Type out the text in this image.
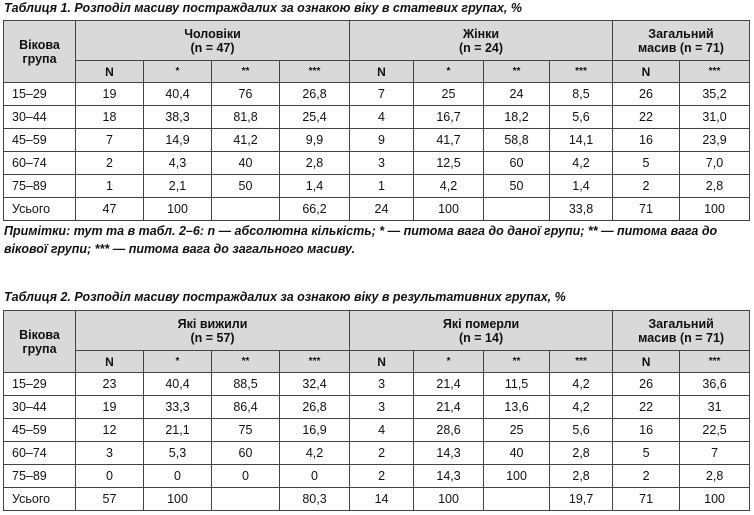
Таблиця 1. Розподіл масиву постраждалих за ознакою віку в статевих групах, %
Вікова
група	Чоловіки
(n = 47)				Жінки
(n = 24)				Загальний
масив (n = 71)	

	N	*	**	***	N	*	**	***	N	***
15–29	19	40,4	76	26,8	7	25	24	8,5	26	35,2
30–44	18	38,3	81,8	25,4	4	16,7	18,2	5,6	22	31,0
45–59	7	14,9	41,2	9,9	9	41,7	58,8	14,1	16	23,9
60–74	2	4,3	40	2,8	3	12,5	60	4,2	5	7,0
75–89	1	2,1	50	1,4	1	4,2	50	1,4	2	2,8
Усього	47	100		66,2	24	100		33,8	71	100
Примітки: тут та в табл. 2–6: n — абсолютна кількість; * — питома вага до даної групи; ** — питома вага до вікової групи; *** — питома вага до загального масиву.
Таблиця 2. Розподіл масиву постраждалих за ознакою віку в результативних групах, %
Вікова
група	Які вижили
(n = 57)				Які померли
(n = 14)				Загальний
масив (n = 71)	

	N	*	**	***	N	*	**	***	N	***
15–29	23	40,4	88,5	32,4	3	21,4	11,5	4,2	26	36,6
30–44	19	33,3	86,4	26,8	3	21,4	13,6	4,2	22	31
45–59	12	21,1	75	16,9	4	28,6	25	5,6	16	22,5
60–74	3	5,3	60	4,2	2	14,3	40	2,8	5	7
75–89	0	0	0	0	2	14,3	100	2,8	2	2,8
Усього	57	100		80,3	14	100		19,7	71	100
